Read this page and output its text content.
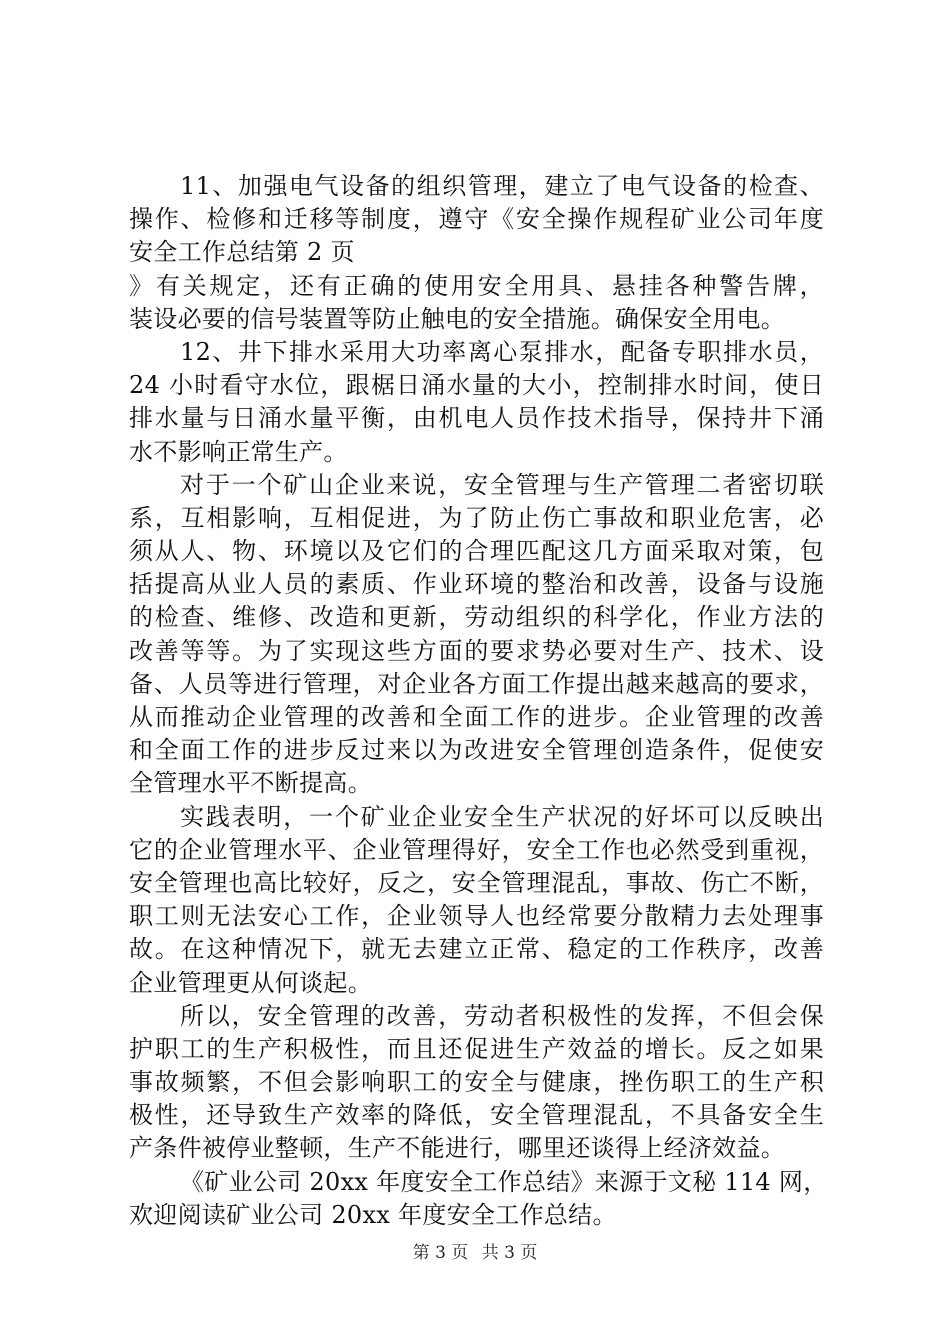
11、加强电气设备的组织管理，建立了电气设备的检查、
操作、检修和迁移等制度，遵守《安全操作规程矿业公司年度
安全工作总结第 2 页
》有关规定，还有正确的使用安全用具、悬挂各种警告牌，
装设必要的信号装置等防止触电的安全措施。确保安全用电。
12、井下排水采用大功率离心泵排水，配备专职排水员，
24 小时看守水位，跟椐日涌水量的大小，控制排水时间，使日
排水量与日涌水量平衡，由机电人员作技术指导，保持井下涌
水不影响正常生产。
对于一个矿山企业来说，安全管理与生产管理二者密切联
系，互相影响，互相促进，为了防止伤亡事故和职业危害，必
须从人、物、环境以及它们的合理匹配这几方面采取对策，包
括提高从业人员的素质、作业环境的整治和改善，设备与设施
的检查、维修、改造和更新，劳动组织的科学化，作业方法的
改善等等。为了实现这些方面的要求势必要对生产、技术、设
备、人员等进行管理，对企业各方面工作提出越来越高的要求，
从而推动企业管理的改善和全面工作的进步。企业管理的改善
和全面工作的进步反过来以为改进安全管理创造条件，促使安
全管理水平不断提高。
实践表明，一个矿业企业安全生产状况的好坏可以反映出
它的企业管理水平、企业管理得好，安全工作也必然受到重视，
安全管理也高比较好，反之，安全管理混乱，事故、伤亡不断，
职工则无法安心工作，企业领导人也经常要分散精力去处理事
故。在这种情况下，就无去建立正常、稳定的工作秩序，改善
企业管理更从何谈起。
所以，安全管理的改善，劳动者积极性的发挥，不但会保
护职工的生产积极性，而且还促进生产效益的增长。反之如果
事故频繁，不但会影响职工的安全与健康，挫伤职工的生产积
极性，还导致生产效率的降低，安全管理混乱，不具备安全生
产条件被停业整顿，生产不能进行，哪里还谈得上经济效益。
《矿业公司 20xx 年度安全工作总结》来源于文秘 114 网，
欢迎阅读矿业公司 20xx 年度安全工作总结。
第 3 页 共 3 页
